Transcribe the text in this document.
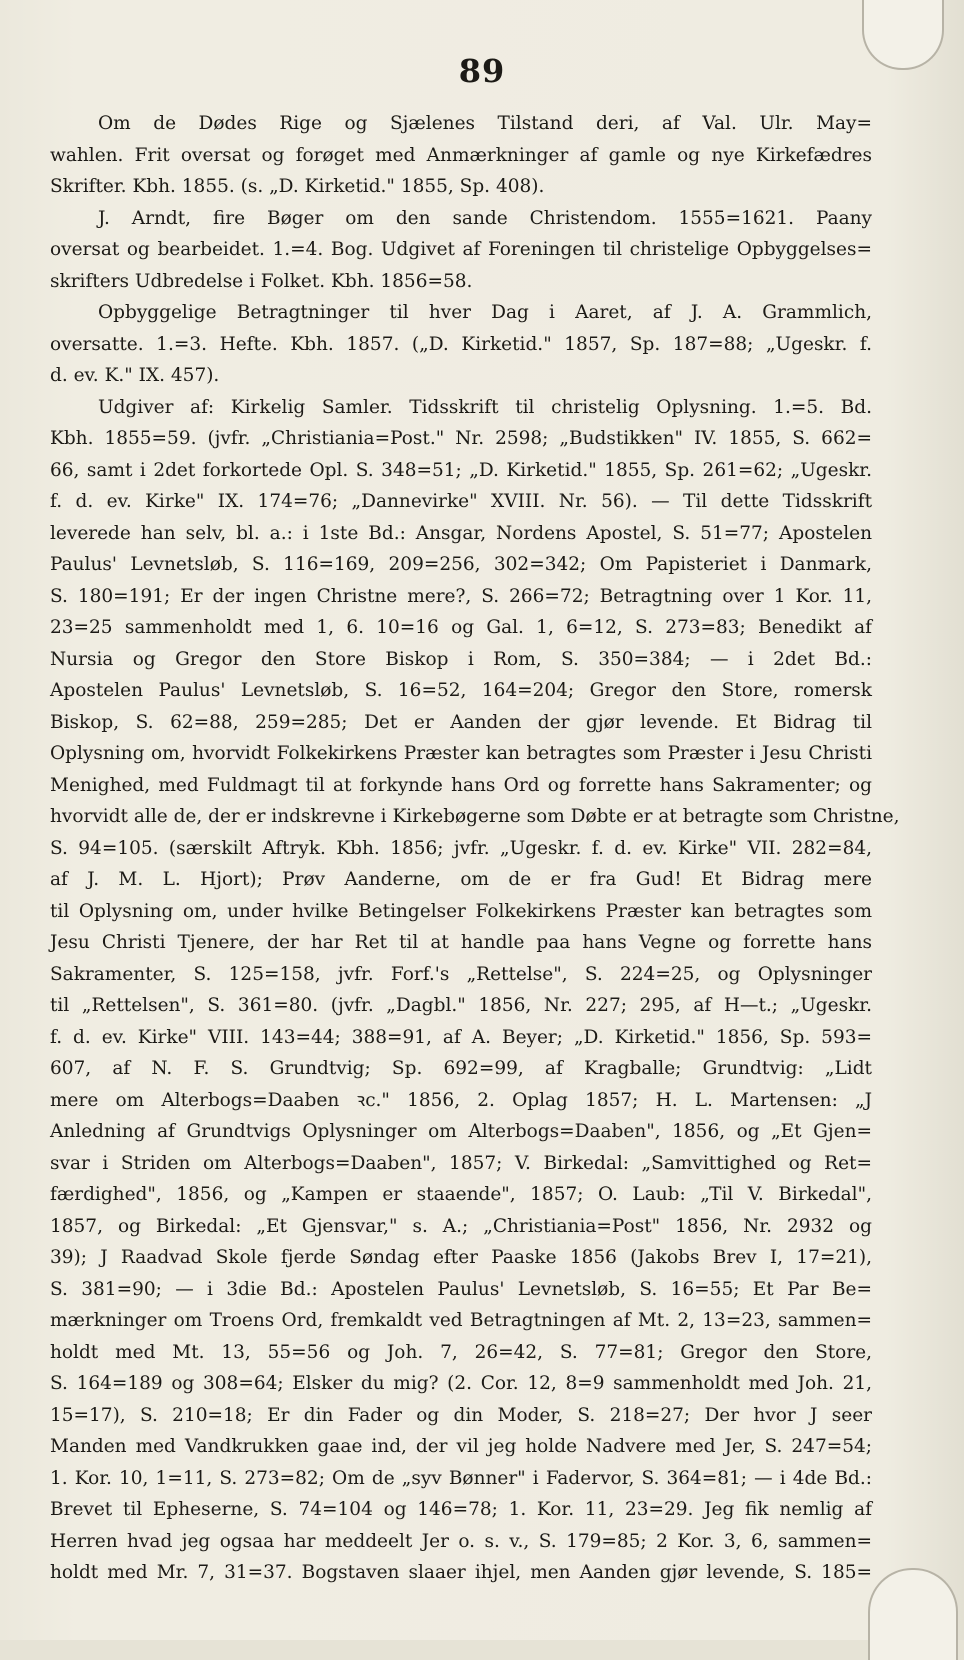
89
Om de Dødes Rige og Sjælenes Tilstand deri, af Val. Ulr. May=
wahlen. Frit oversat og forøget med Anmærkninger af gamle og nye Kirkefædres
Skrifter. Kbh. 1855. (s. „D. Kirketid." 1855, Sp. 408).
J. Arndt, fire Bøger om den sande Christendom. 1555=1621. Paany
oversat og bearbeidet. 1.=4. Bog. Udgivet af Foreningen til christelige Opbyggelses=
skrifters Udbredelse i Folket. Kbh. 1856=58.
Opbyggelige Betragtninger til hver Dag i Aaret, af J. A. Grammlich,
oversatte. 1.=3. Hefte. Kbh. 1857. („D. Kirketid." 1857, Sp. 187=88; „Ugeskr. f.
d. ev. K." IX. 457).
Udgiver af: Kirkelig Samler. Tidsskrift til christelig Oplysning. 1.=5. Bd.
Kbh. 1855=59. (jvfr. „Christiania=Post." Nr. 2598; „Budstikken" IV. 1855, S. 662=
66, samt i 2det forkortede Opl. S. 348=51; „D. Kirketid." 1855, Sp. 261=62; „Ugeskr.
f. d. ev. Kirke" IX. 174=76; „Dannevirke" XVIII. Nr. 56). — Til dette Tidsskrift
leverede han selv, bl. a.: i 1ste Bd.: Ansgar, Nordens Apostel, S. 51=77; Apostelen
Paulus' Levnetsløb, S. 116=169, 209=256, 302=342; Om Papisteriet i Danmark,
S. 180=191; Er der ingen Christne mere?, S. 266=72; Betragtning over 1 Kor. 11,
23=25 sammenholdt med 1, 6. 10=16 og Gal. 1, 6=12, S. 273=83; Benedikt af
Nursia og Gregor den Store Biskop i Rom, S. 350=384; — i 2det Bd.:
Apostelen Paulus' Levnetsløb, S. 16=52, 164=204; Gregor den Store, romersk
Biskop, S. 62=88, 259=285; Det er Aanden der gjør levende. Et Bidrag til
Oplysning om, hvorvidt Folkekirkens Præster kan betragtes som Præster i Jesu Christi
Menighed, med Fuldmagt til at forkynde hans Ord og forrette hans Sakramenter; og
hvorvidt alle de, der er indskrevne i Kirkebøgerne som Døbte er at betragte som Christne,
S. 94=105. (særskilt Aftryk. Kbh. 1856; jvfr. „Ugeskr. f. d. ev. Kirke" VII. 282=84,
af J. M. L. Hjort); Prøv Aanderne, om de er fra Gud! Et Bidrag mere
til Oplysning om, under hvilke Betingelser Folkekirkens Præster kan betragtes som
Jesu Christi Tjenere, der har Ret til at handle paa hans Vegne og forrette hans
Sakramenter, S. 125=158, jvfr. Forf.'s „Rettelse", S. 224=25, og Oplysninger
til „Rettelsen", S. 361=80. (jvfr. „Dagbl." 1856, Nr. 227; 295, af H—t.; „Ugeskr.
f. d. ev. Kirke" VIII. 143=44; 388=91, af A. Beyer; „D. Kirketid." 1856, Sp. 593=
607, af N. F. S. Grundtvig; Sp. 692=99, af Kragballe; Grundtvig: „Lidt
mere om Alterbogs=Daaben ꝛc." 1856, 2. Oplag 1857; H. L. Martensen: „J
Anledning af Grundtvigs Oplysninger om Alterbogs=Daaben", 1856, og „Et Gjen=
svar i Striden om Alterbogs=Daaben", 1857; V. Birkedal: „Samvittighed og Ret=
færdighed", 1856, og „Kampen er staaende", 1857; O. Laub: „Til V. Birkedal",
1857, og Birkedal: „Et Gjensvar," s. A.; „Christiania=Post" 1856, Nr. 2932 og
39); J Raadvad Skole fjerde Søndag efter Paaske 1856 (Jakobs Brev I, 17=21),
S. 381=90; — i 3die Bd.: Apostelen Paulus' Levnetsløb, S. 16=55; Et Par Be=
mærkninger om Troens Ord, fremkaldt ved Betragtningen af Mt. 2, 13=23, sammen=
holdt med Mt. 13, 55=56 og Joh. 7, 26=42, S. 77=81; Gregor den Store,
S. 164=189 og 308=64; Elsker du mig? (2. Cor. 12, 8=9 sammenholdt med Joh. 21,
15=17), S. 210=18; Er din Fader og din Moder, S. 218=27; Der hvor J seer
Manden med Vandkrukken gaae ind, der vil jeg holde Nadvere med Jer, S. 247=54;
1. Kor. 10, 1=11, S. 273=82; Om de „syv Bønner" i Fadervor, S. 364=81; — i 4de Bd.:
Brevet til Epheserne, S. 74=104 og 146=78; 1. Kor. 11, 23=29. Jeg fik nemlig af
Herren hvad jeg ogsaa har meddeelt Jer o. s. v., S. 179=85; 2 Kor. 3, 6, sammen=
holdt med Mr. 7, 31=37. Bogstaven slaaer ihjel, men Aanden gjør levende, S. 185=
